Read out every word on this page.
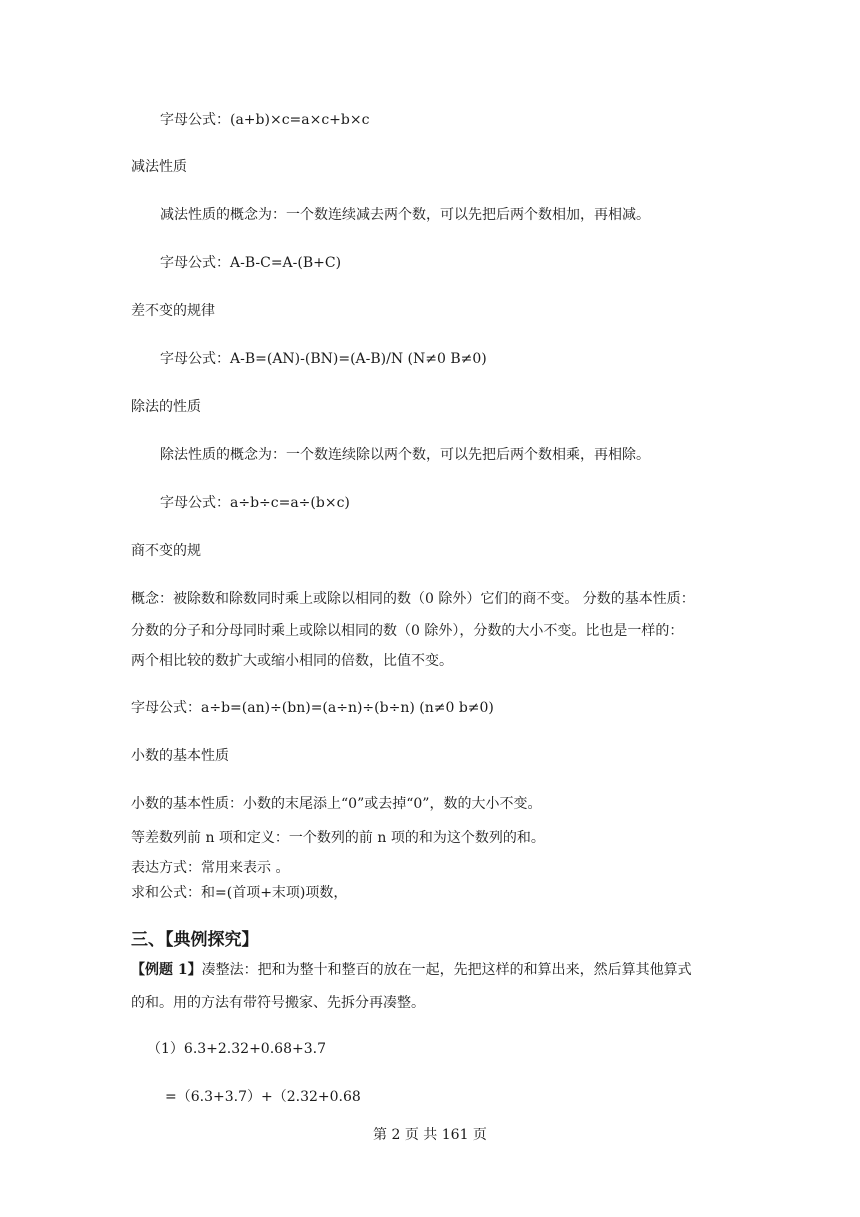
字母公式：(a+b)×c=a×c+b×c
减法性质
减法性质的概念为：一个数连续减去两个数，可以先把后两个数相加，再相减。
字母公式：A-B-C=A-(B+C)
差不变的规律
字母公式：A-B=(AN)-(BN)=(A-B)/N (N≠0 B≠0)
除法的性质
除法性质的概念为：一个数连续除以两个数，可以先把后两个数相乘，再相除。
字母公式：a÷b÷c=a÷(b×c)
商不变的规
概念：被除数和除数同时乘上或除以相同的数（0 除外）它们的商不变。 分数的基本性质：
分数的分子和分母同时乘上或除以相同的数（0 除外），分数的大小不变。比也是一样的：
两个相比较的数扩大或缩小相同的倍数，比值不变。
字母公式：a÷b=(an)÷(bn)=(a÷n)÷(b÷n) (n≠0 b≠0)
小数的基本性质
小数的基本性质：小数的末尾添上“0”或去掉“0”，数的大小不变。
等差数列前 n 项和定义：一个数列的前 n 项的和为这个数列的和。
表达方式：常用来表示 。
求和公式：和=(首项+末项)项数，
三、【典例探究】
【例题 1】凑整法：把和为整十和整百的放在一起，先把这样的和算出来，然后算其他算式
的和。用的方法有带符号搬家、先拆分再凑整。
（1）6.3+2.32+0.68+3.7
=（6.3+3.7）+（2.32+0.68
第 2 页 共 161 页
